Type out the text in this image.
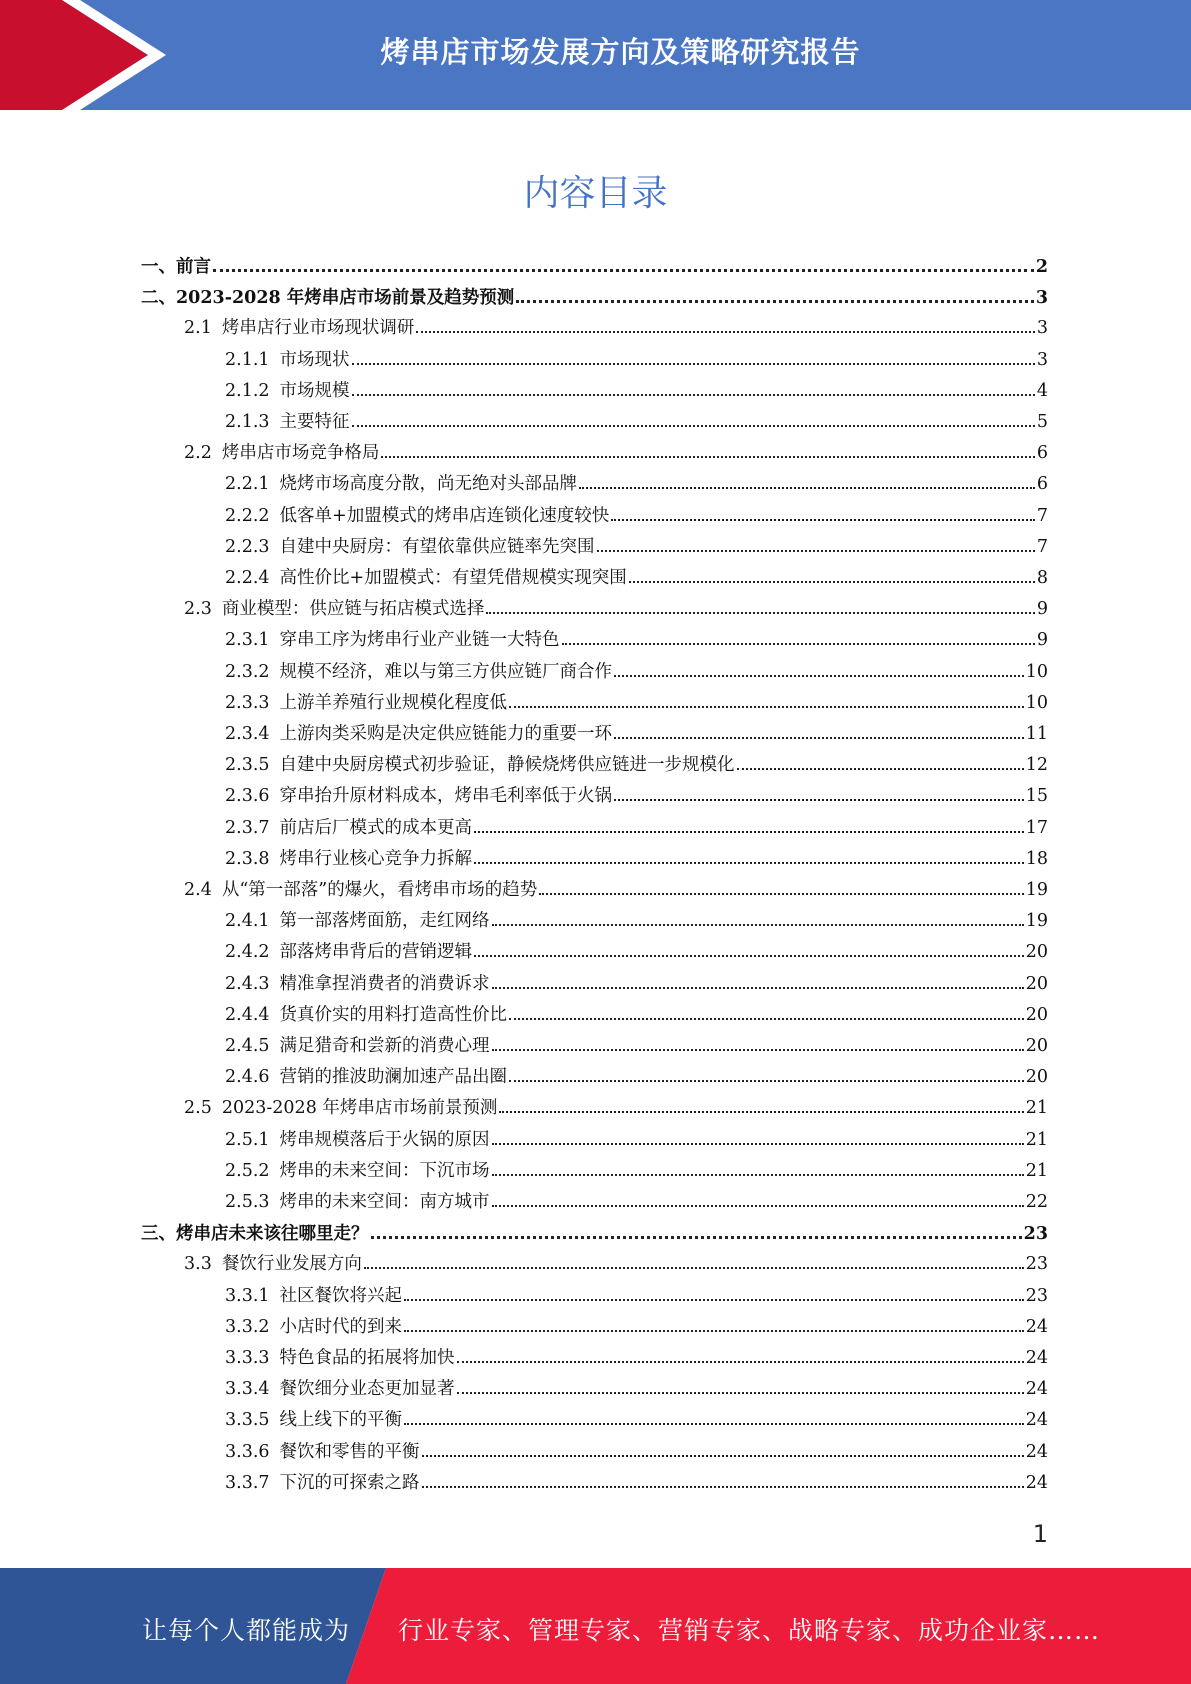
烤串店市场发展方向及策略研究报告
内容目录
一、 前言	2
二、 2023-2028 年烤串店市场前景及趋势预测	3
2.1 烤串店行业市场现状调研	3
2.1.1 市场现状	3
2.1.2 市场规模	4
2.1.3 主要特征	5
2.2 烤串店市场竞争格局	6
2.2.1 烧烤市场高度分散，尚无绝对头部品牌	6
2.2.2 低客单+加盟模式的烤串店连锁化速度较快	7
2.2.3 自建中央厨房：有望依靠供应链率先突围	7
2.2.4 高性价比+加盟模式：有望凭借规模实现突围	8
2.3 商业模型：供应链与拓店模式选择	9
2.3.1 穿串工序为烤串行业产业链一大特色	9
2.3.2 规模不经济，难以与第三方供应链厂商合作	10
2.3.3 上游羊养殖行业规模化程度低	10
2.3.4 上游肉类采购是决定供应链能力的重要一环	11
2.3.5 自建中央厨房模式初步验证，静候烧烤供应链进一步规模化	12
2.3.6 穿串抬升原材料成本，烤串毛利率低于火锅	15
2.3.7 前店后厂模式的成本更高	17
2.3.8 烤串行业核心竞争力拆解	18
2.4 从“第一部落”的爆火，看烤串市场的趋势	19
2.4.1 第一部落烤面筋，走红网络	19
2.4.2 部落烤串背后的营销逻辑	20
2.4.3 精准拿捏消费者的消费诉求	20
2.4.4 货真价实的用料打造高性价比	20
2.4.5 满足猎奇和尝新的消费心理	20
2.4.6 营销的推波助澜加速产品出圈	20
2.5 2023-2028 年烤串店市场前景预测	21
2.5.1 烤串规模落后于火锅的原因	21
2.5.2 烤串的未来空间：下沉市场	21
2.5.3 烤串的未来空间：南方城市	22
三、 烤串店未来该往哪里走？	23
3.3 餐饮行业发展方向	23
3.3.1 社区餐饮将兴起	23
3.3.2 小店时代的到来	24
3.3.3 特色食品的拓展将加快	24
3.3.4 餐饮细分业态更加显著	24
3.3.5 线上线下的平衡	24
3.3.6 餐饮和零售的平衡	24
3.3.7 下沉的可探索之路	24
1
让每个人都能成为 行业专家、管理专家、营销专家、战略专家、成功企业家……
